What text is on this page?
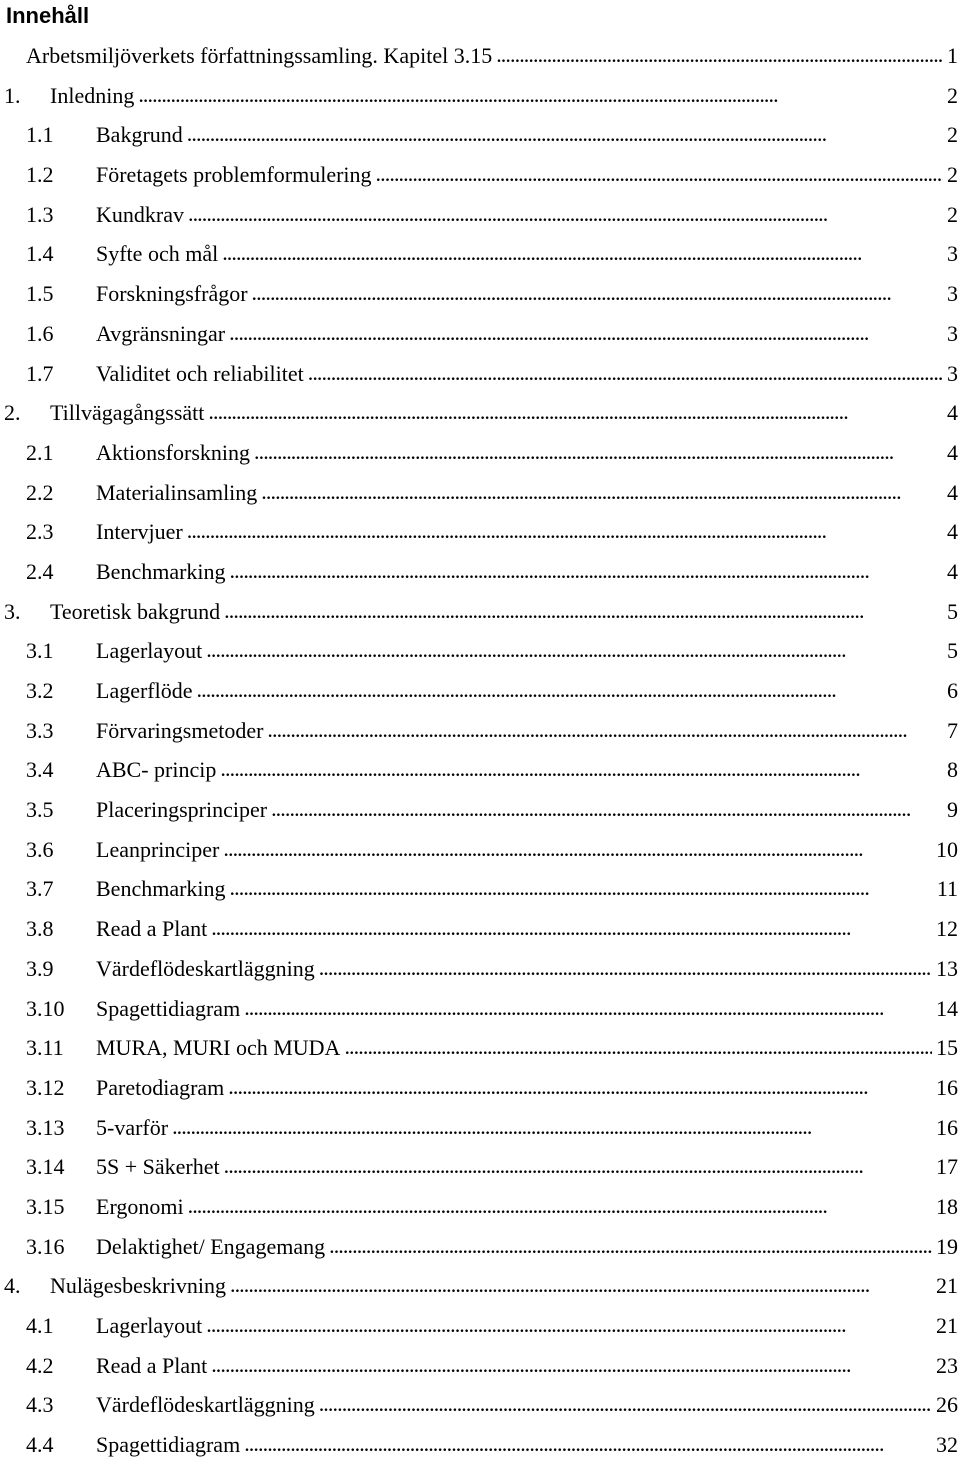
Innehåll
Arbetsmiljöverkets författningssamling. Kapitel 3.15 . . .	1
1.	Inledning . . .	2
1.1	Bakgrund . . .	2
1.2	Företagets problemformulering . . .	2
1.3	Kundkrav . . .	2
1.4	Syfte och mål . . .	3
1.5	Forskningsfrågor . . .	3
1.6	Avgränsningar . . .	3
1.7	Validitet och reliabilitet . . .	3
2.	Tillvägagångssätt . . .	4
2.1	Aktionsforskning . . .	4
2.2	Materialinsamling . . .	4
2.3	Intervjuer . . .	4
2.4	Benchmarking . . .	4
3.	Teoretisk bakgrund . . .	5
3.1	Lagerlayout . . .	5
3.2	Lagerflöde . . .	6
3.3	Förvaringsmetoder . . .	7
3.4	ABC- princip . . .	8
3.5	Placeringsprinciper . . .	9
3.6	Leanprinciper . . .	10
3.7	Benchmarking . . .	11
3.8	Read a Plant . . .	12
3.9	Värdeflödeskartläggning . . .	13
3.10	Spagettidiagram . . .	14
3.11	MURA, MURI och MUDA . . .	15
3.12	Paretodiagram . . .	16
3.13	5-varför . . .	16
3.14	5S + Säkerhet . . .	17
3.15	Ergonomi . . .	18
3.16	Delaktighet/ Engagemang . . .	19
4.	Nulägesbeskrivning . . .	21
4.1	Lagerlayout . . .	21
4.2	Read a Plant . . .	23
4.3	Värdeflödeskartläggning . . .	26
4.4	Spagettidiagram . . .	32
